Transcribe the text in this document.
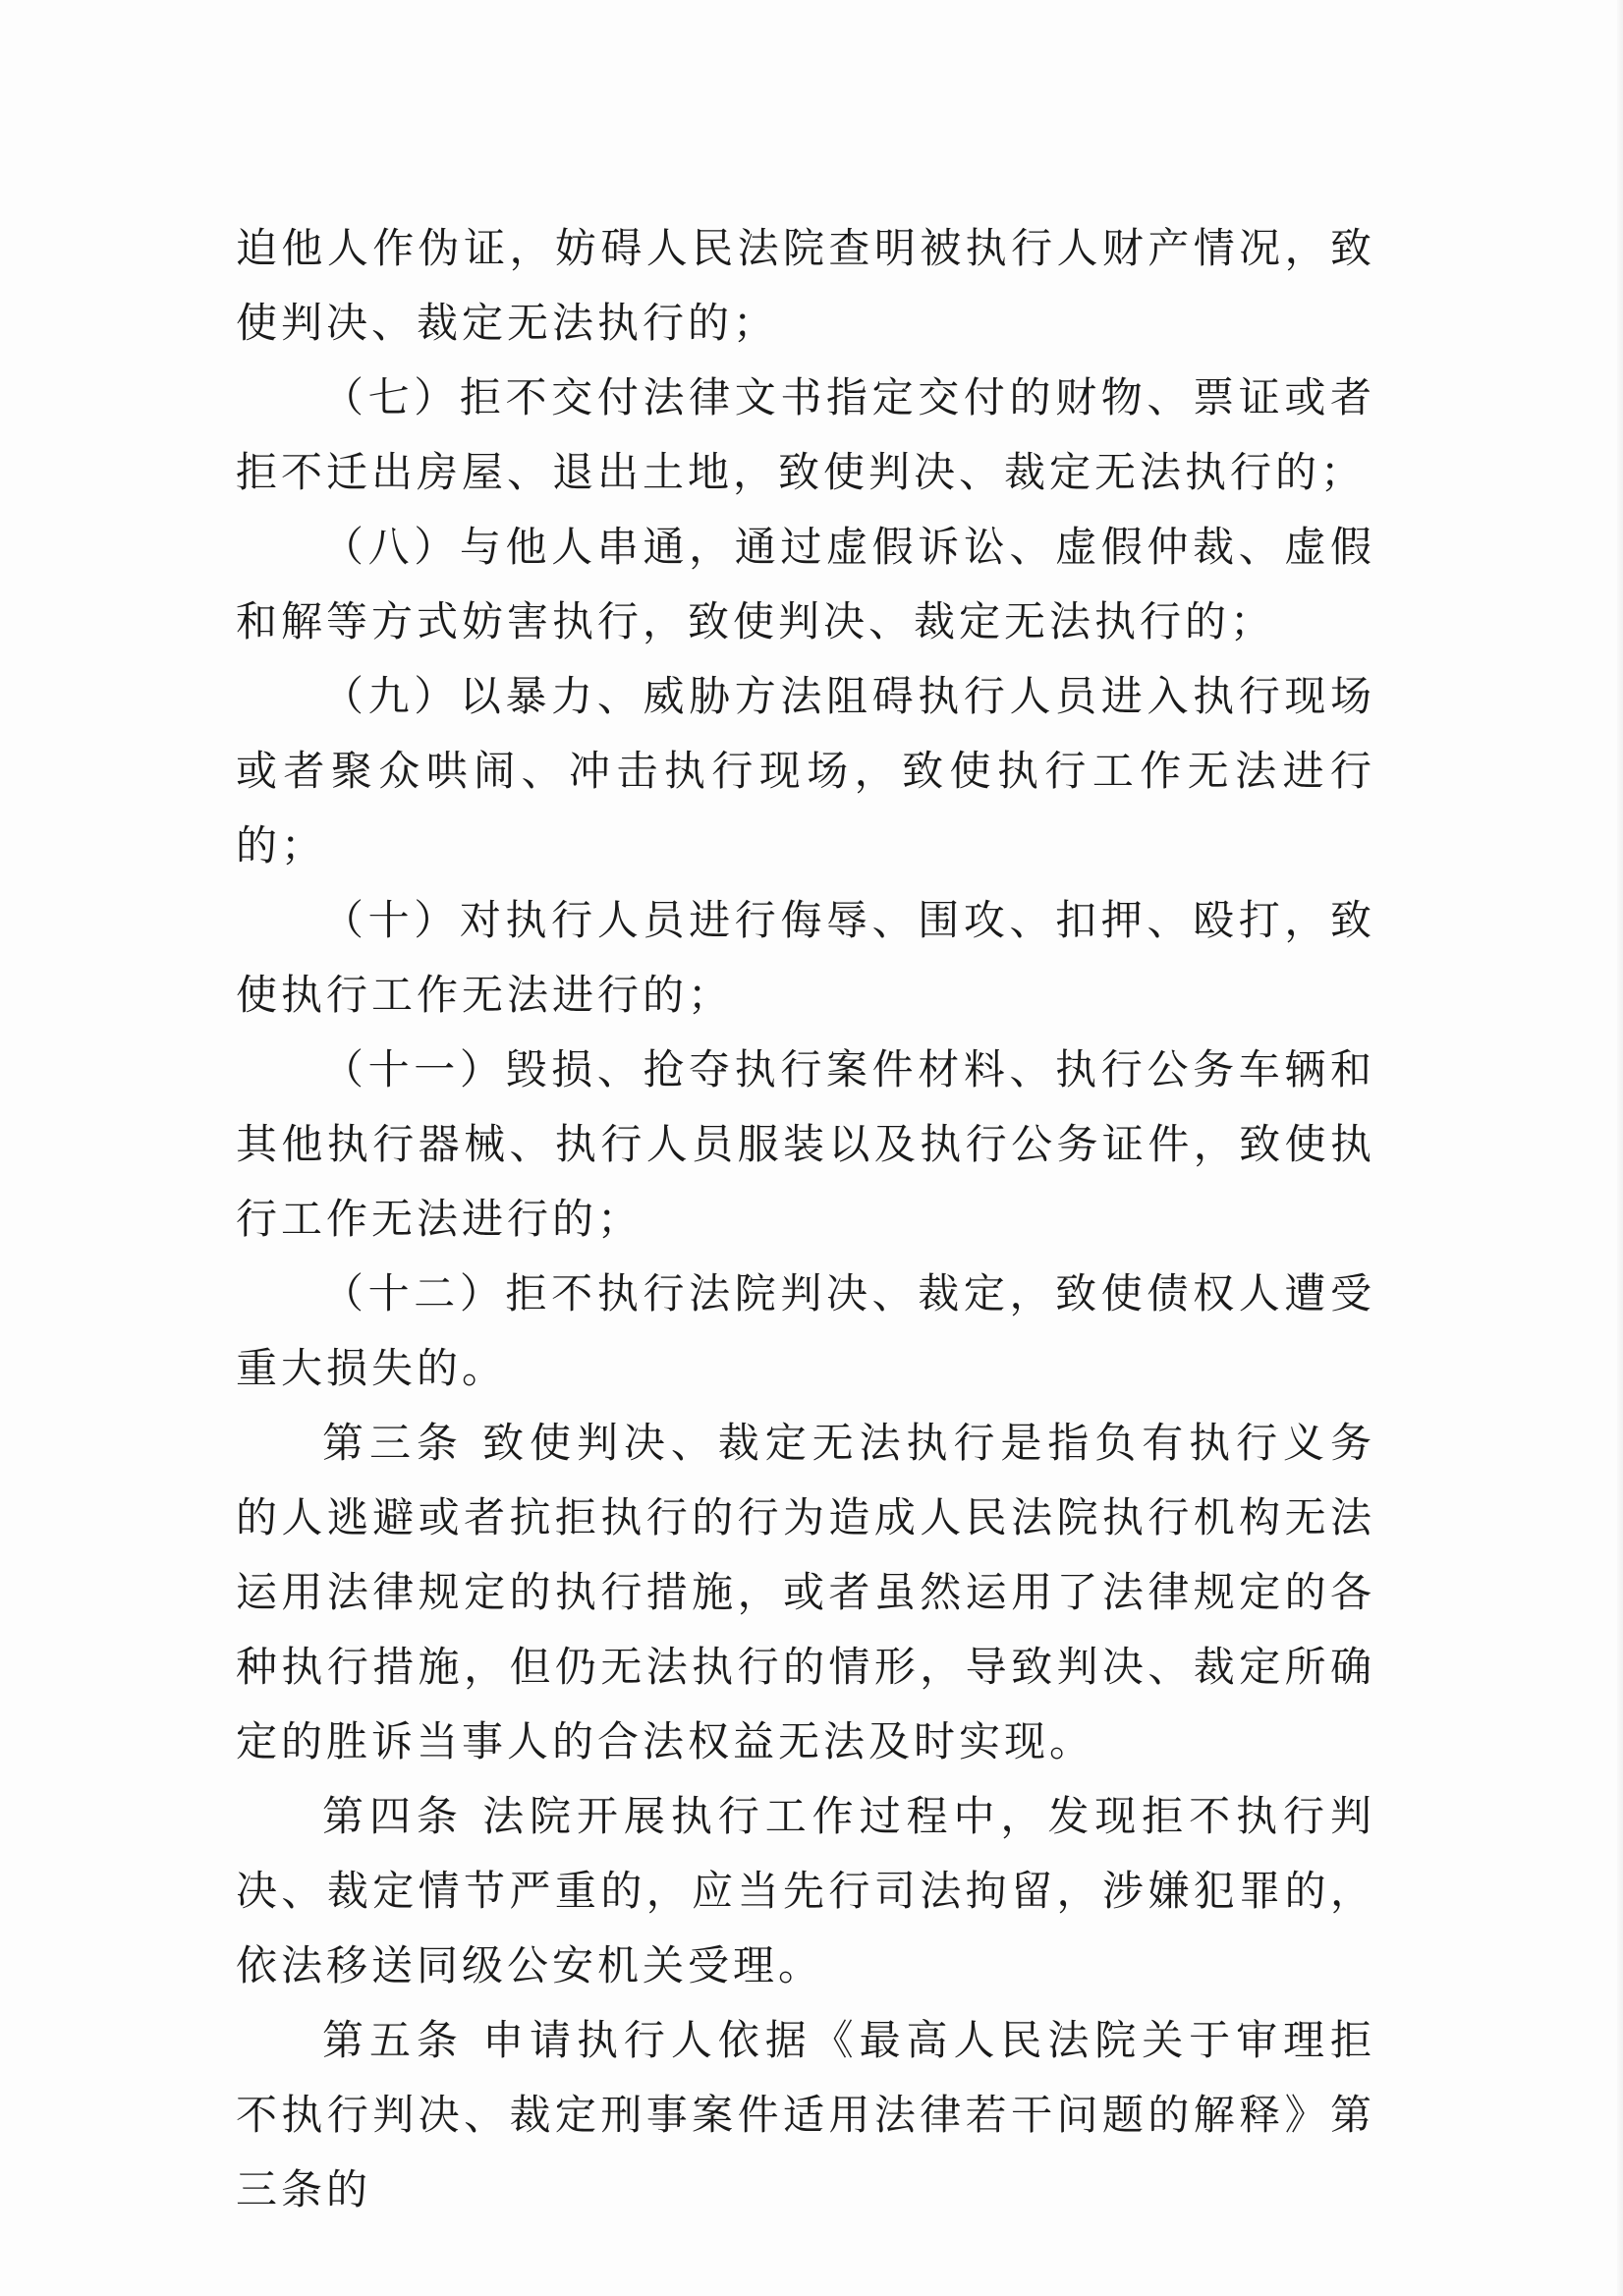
迫他人作伪证，妨碍人民法院查明被执行人财产情况，致使判决、裁定无法执行的；

（七）拒不交付法律文书指定交付的财物、票证或者拒不迁出房屋、退出土地，致使判决、裁定无法执行的；

（八）与他人串通，通过虚假诉讼、虚假仲裁、虚假和解等方式妨害执行，致使判决、裁定无法执行的；

（九）以暴力、威胁方法阻碍执行人员进入执行现场或者聚众哄闹、冲击执行现场，致使执行工作无法进行的；

（十）对执行人员进行侮辱、围攻、扣押、殴打，致使执行工作无法进行的；

（十一）毁损、抢夺执行案件材料、执行公务车辆和其他执行器械、执行人员服装以及执行公务证件，致使执行工作无法进行的；

（十二）拒不执行法院判决、裁定，致使债权人遭受重大损失的。

第三条 致使判决、裁定无法执行是指负有执行义务的人逃避或者抗拒执行的行为造成人民法院执行机构无法运用法律规定的执行措施，或者虽然运用了法律规定的各种执行措施，但仍无法执行的情形，导致判决、裁定所确定的胜诉当事人的合法权益无法及时实现。

第四条 法院开展执行工作过程中，发现拒不执行判决、裁定情节严重的，应当先行司法拘留，涉嫌犯罪的，依法移送同级公安机关受理。

第五条 申请执行人依据《最高人民法院关于审理拒不执行判决、裁定刑事案件适用法律若干问题的解释》第三条的
